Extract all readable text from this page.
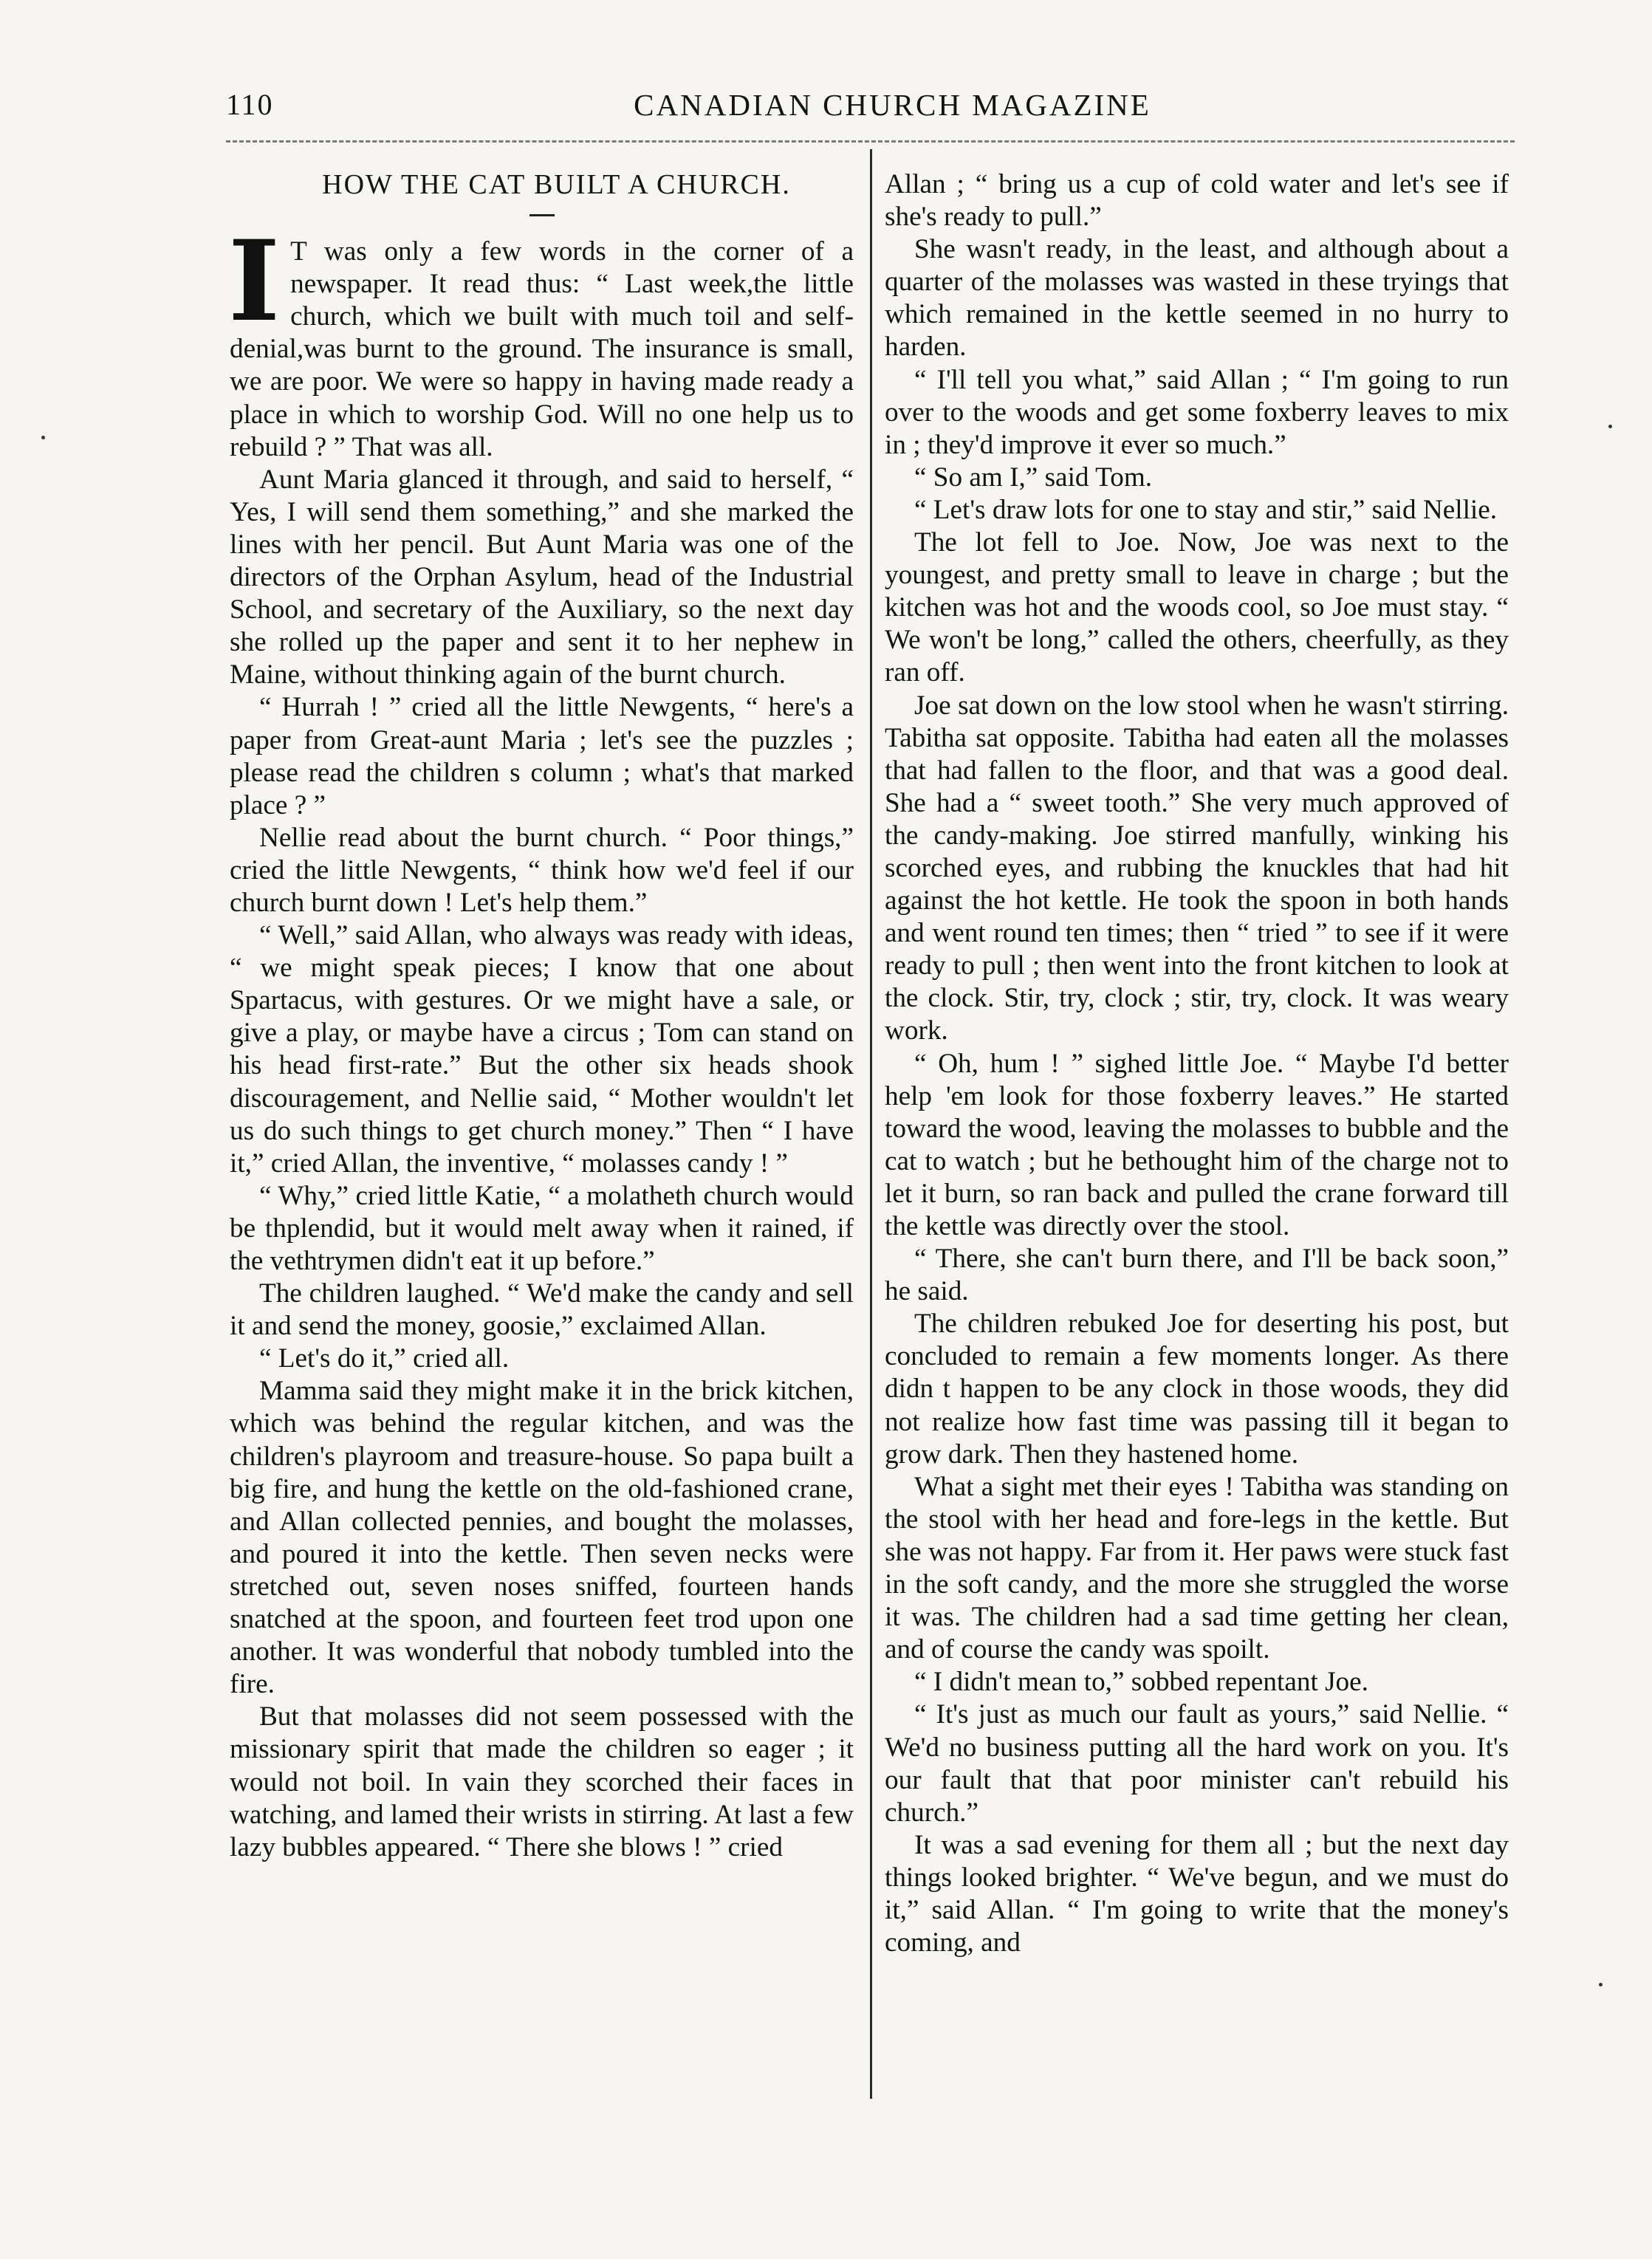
110	CANADIAN CHURCH MAGAZINE

HOW THE CAT BUILT A CHURCH.

I T was only a few words in the corner of a newspaper. It read thus: “ Last week,the little church, which we built with much toil and self-denial,was burnt to the ground. The insurance is small, we are poor. We were so happy in having made ready a place in which to worship God. Will no one help us to rebuild ? ” That was all.

Aunt Maria glanced it through, and said to herself, “ Yes, I will send them something,” and she marked the lines with her pencil. But Aunt Maria was one of the directors of the Orphan Asylum, head of the Industrial School, and secretary of the Auxiliary, so the next day she rolled up the paper and sent it to her nephew in Maine, without thinking again of the burnt church.

“ Hurrah ! ” cried all the little Newgents, “ here's a paper from Great-aunt Maria ; let's see the puzzles ; please read the children s column ; what's that marked place ? ”

Nellie read about the burnt church. “ Poor things,” cried the little Newgents, “ think how we'd feel if our church burnt down ! Let's help them.”

“ Well,” said Allan, who always was ready with ideas, “ we might speak pieces; I know that one about Spartacus, with gestures. Or we might have a sale, or give a play, or maybe have a circus ; Tom can stand on his head first-rate.” But the other six heads shook discouragement, and Nellie said, “ Mother wouldn't let us do such things to get church money.” Then “ I have it,” cried Allan, the inventive, “ molasses candy ! ”

“ Why,” cried little Katie, “ a molatheth church would be thplendid, but it would melt away when it rained, if the vethtrymen didn't eat it up before.”

The children laughed. “ We'd make the candy and sell it and send the money, goosie,” exclaimed Allan.

“ Let's do it,” cried all.

Mamma said they might make it in the brick kitchen, which was behind the regular kitchen, and was the children's playroom and treasure-house. So papa built a big fire, and hung the kettle on the old-fashioned crane, and Allan collected pennies, and bought the molasses, and poured it into the kettle. Then seven necks were stretched out, seven noses sniffed, fourteen hands snatched at the spoon, and fourteen feet trod upon one another. It was wonderful that nobody tumbled into the fire.

But that molasses did not seem possessed with the missionary spirit that made the children so eager ; it would not boil. In vain they scorched their faces in watching, and lamed their wrists in stirring. At last a few lazy bubbles appeared. “ There she blows ! ” cried

Allan ; “ bring us a cup of cold water and let's see if she's ready to pull.”

She wasn't ready, in the least, and although about a quarter of the molasses was wasted in these tryings that which remained in the kettle seemed in no hurry to harden.

“ I'll tell you what,” said Allan ; “ I'm going to run over to the woods and get some foxberry leaves to mix in ; they'd improve it ever so much.”

“ So am I,” said Tom.

“ Let's draw lots for one to stay and stir,” said Nellie.

The lot fell to Joe. Now, Joe was next to the youngest, and pretty small to leave in charge ; but the kitchen was hot and the woods cool, so Joe must stay. “ We won't be long,” called the others, cheerfully, as they ran off.

Joe sat down on the low stool when he wasn't stirring. Tabitha sat opposite. Tabitha had eaten all the molasses that had fallen to the floor, and that was a good deal. She had a “ sweet tooth.” She very much approved of the candy-making. Joe stirred manfully, winking his scorched eyes, and rubbing the knuckles that had hit against the hot kettle. He took the spoon in both hands and went round ten times; then “ tried ” to see if it were ready to pull ; then went into the front kitchen to look at the clock. Stir, try, clock ; stir, try, clock. It was weary work.

“ Oh, hum ! ” sighed little Joe. “ Maybe I'd better help 'em look for those foxberry leaves.” He started toward the wood, leaving the molasses to bubble and the cat to watch ; but he bethought him of the charge not to let it burn, so ran back and pulled the crane forward till the kettle was directly over the stool.

“ There, she can't burn there, and I'll be back soon,” he said.

The children rebuked Joe for deserting his post, but concluded to remain a few moments longer. As there didn t happen to be any clock in those woods, they did not realize how fast time was passing till it began to grow dark. Then they hastened home.

What a sight met their eyes ! Tabitha was standing on the stool with her head and fore-legs in the kettle. But she was not happy. Far from it. Her paws were stuck fast in the soft candy, and the more she struggled the worse it was. The children had a sad time getting her clean, and of course the candy was spoilt.

“ I didn't mean to,” sobbed repentant Joe.

“ It's just as much our fault as yours,” said Nellie. “ We'd no business putting all the hard work on you. It's our fault that that poor minister can't rebuild his church.”

It was a sad evening for them all ; but the next day things looked brighter. “ We've begun, and we must do it,” said Allan. “ I'm going to write that the money's coming, and
